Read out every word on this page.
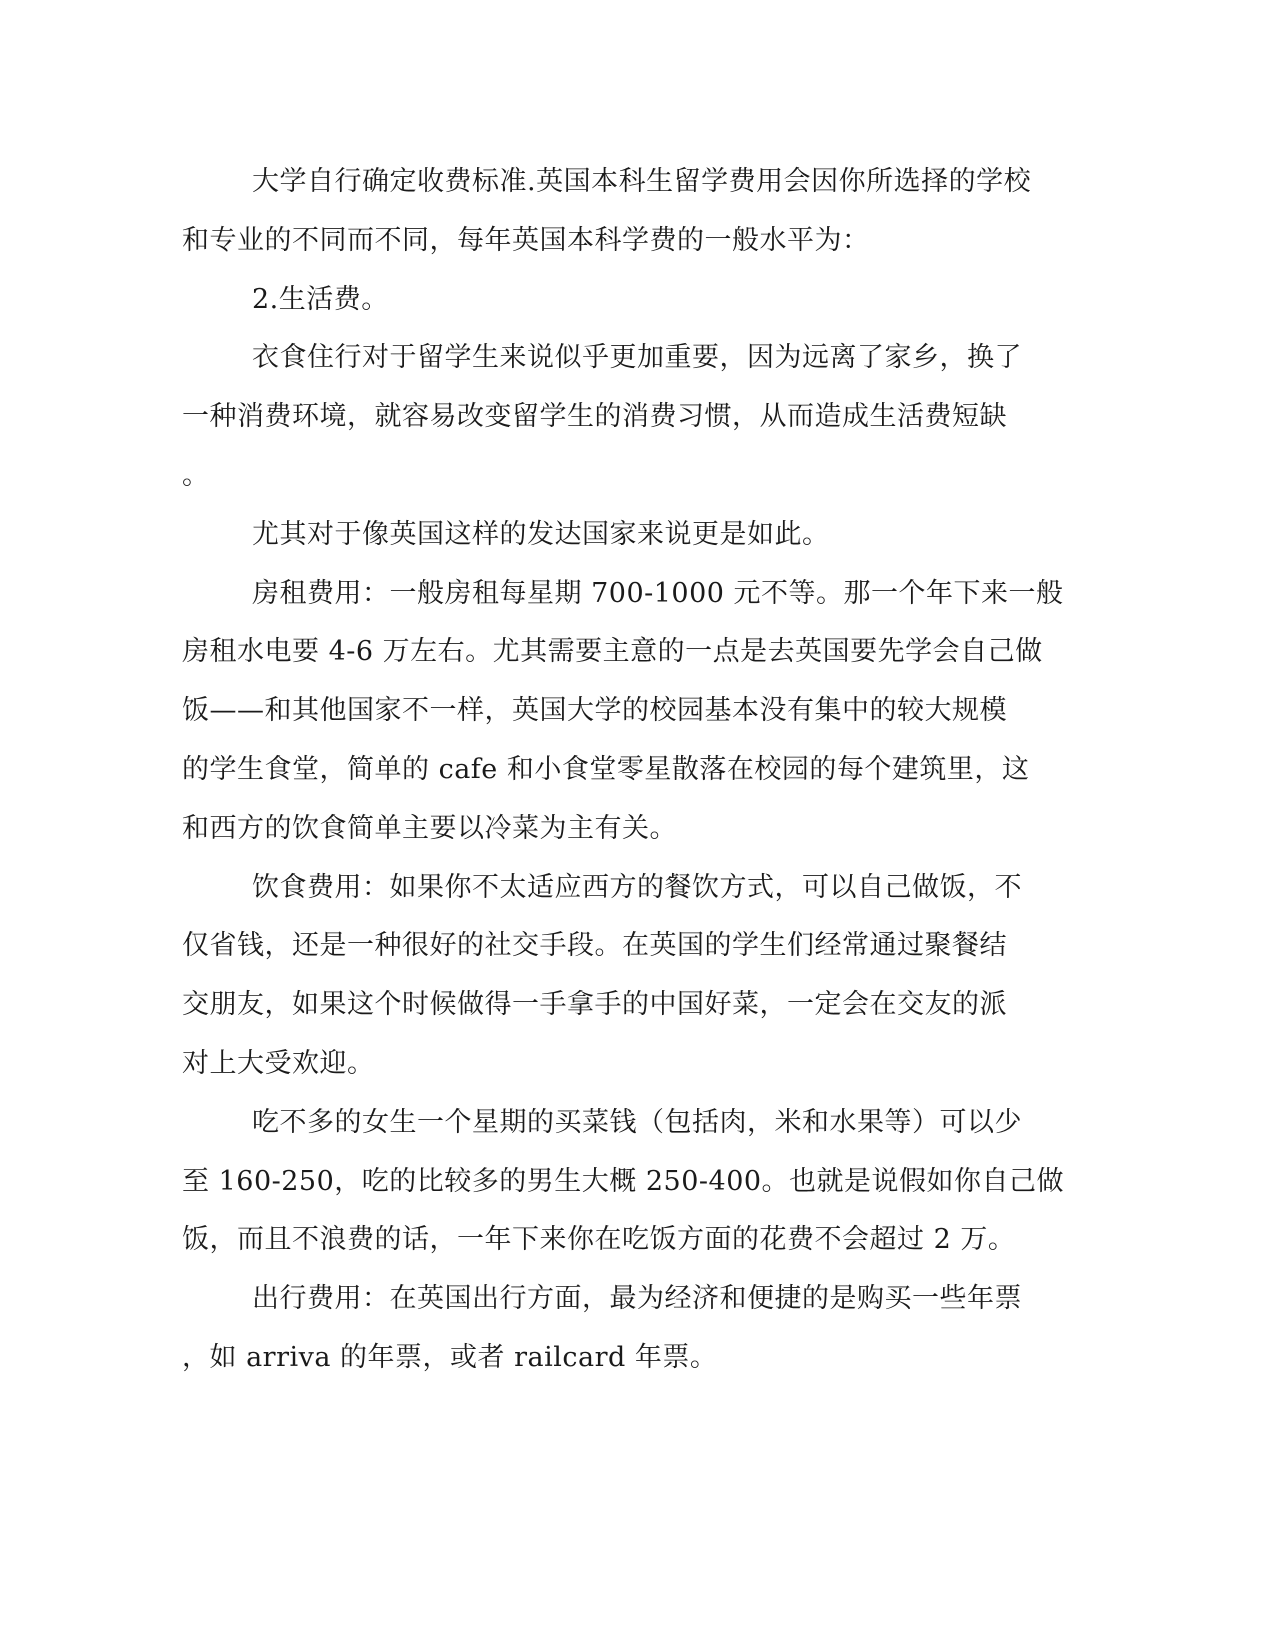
大学自行确定收费标准.英国本科生留学费用会因你所选择的学校
和专业的不同而不同，每年英国本科学费的一般水平为：
2.生活费。
衣食住行对于留学生来说似乎更加重要，因为远离了家乡，换了
一种消费环境，就容易改变留学生的消费习惯，从而造成生活费短缺
。
尤其对于像英国这样的发达国家来说更是如此。
房租费用：一般房租每星期 700-1000 元不等。那一个年下来一般
房租水电要 4-6 万左右。尤其需要主意的一点是去英国要先学会自己做
饭——和其他国家不一样，英国大学的校园基本没有集中的较大规模
的学生食堂，简单的 cafe 和小食堂零星散落在校园的每个建筑里，这
和西方的饮食简单主要以冷菜为主有关。
饮食费用：如果你不太适应西方的餐饮方式，可以自己做饭，不
仅省钱，还是一种很好的社交手段。在英国的学生们经常通过聚餐结
交朋友，如果这个时候做得一手拿手的中国好菜，一定会在交友的派
对上大受欢迎。
吃不多的女生一个星期的买菜钱（包括肉，米和水果等）可以少
至 160-250，吃的比较多的男生大概 250-400。也就是说假如你自己做
饭，而且不浪费的话，一年下来你在吃饭方面的花费不会超过 2 万。
出行费用：在英国出行方面，最为经济和便捷的是购买一些年票
，如 arriva 的年票，或者 railcard 年票。
